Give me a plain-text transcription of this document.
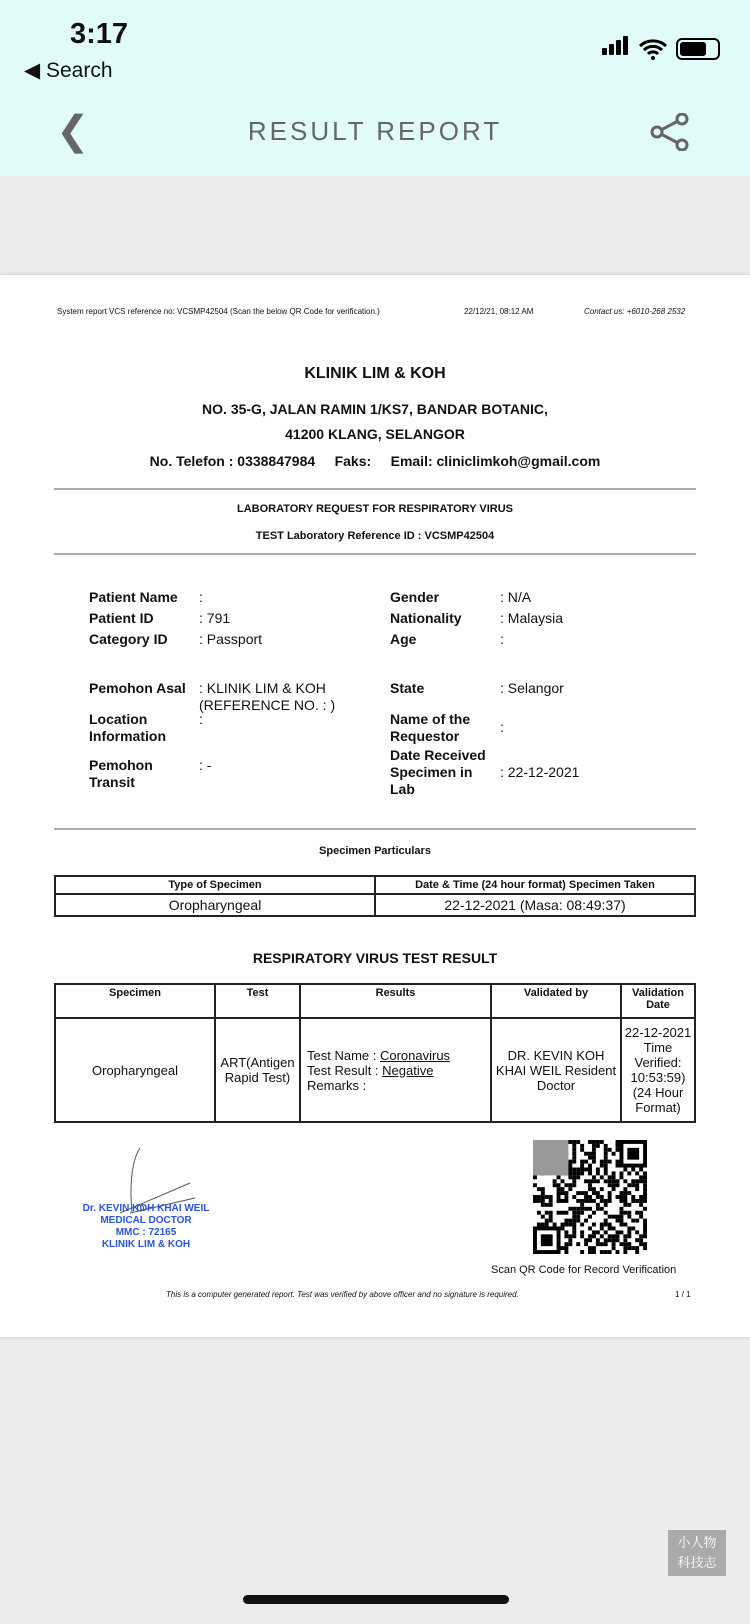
3:17
◀ Search
❮	RESULT REPORT
System report VCS reference no: VCSMP42504 (Scan the below QR Code for verification.)	22/12/21, 08:12 AM	Contact us: +6010-268 2532
KLINIK LIM & KOH
NO. 35-G, JALAN RAMIN 1/KS7, BANDAR BOTANIC,
41200 KLANG, SELANGOR
No. Telefon : 0338847984     Faks:     Email: cliniclimkoh@gmail.com
LABORATORY REQUEST FOR RESPIRATORY VIRUS
TEST Laboratory Reference ID : VCSMP42504
Patient Name	:
Patient ID	: 791
Category ID	: Passport
Pemohon Asal : KLINIK LIM & KOH (REFERENCE NO. : )
Location Information
:
Pemohon Transit
: -
Gender	: N/A
Nationality	: Malaysia
Age	:
State	: Selangor
Name of the Requestor
:
Date Received Specimen in Lab
: 22-12-2021
Specimen Particulars
Type of Specimen	Date & Time (24 hour format) Specimen Taken
Oropharyngeal	22-12-2021 (Masa: 08:49:37)
RESPIRATORY VIRUS TEST RESULT
Specimen	Test	Results	Validated by	Validation Date
Oropharyngeal	ART(Antigen Rapid Test)	Test Name : Coronavirus
Test Result : Negative
Remarks :	DR. KEVIN KOH KHAI WEIL Resident Doctor	22-12-2021 Time Verified: 10:53:59) (24 Hour Format)
Dr. KEVIN KOH KHAI WEIL
MEDICAL DOCTOR
MMC : 72165
KLINIK LIM & KOH
Scan QR Code for Record Verification
This is a computer generated report. Test was verified by above officer and no signature is required.	1 / 1
小人物
科技志
